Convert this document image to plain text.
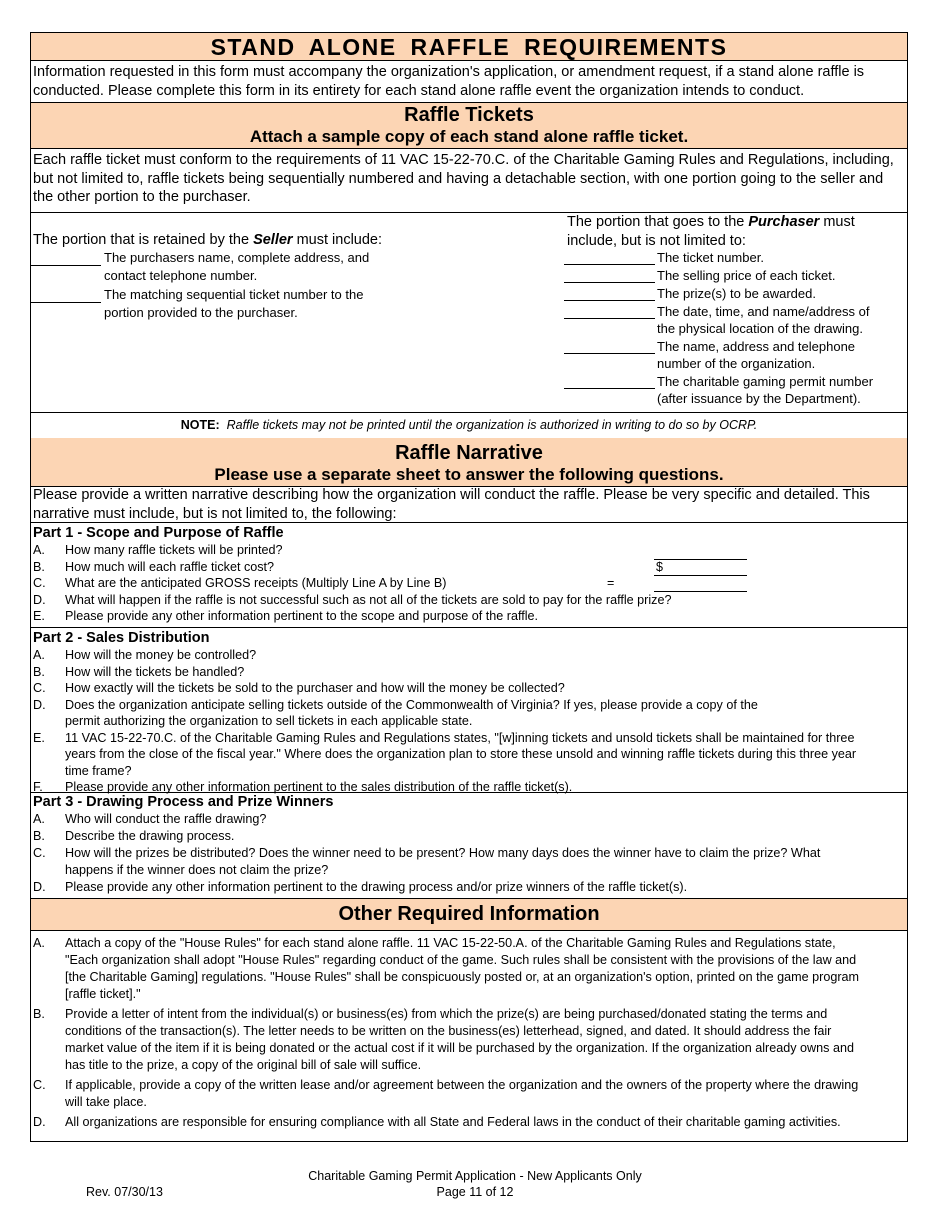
STAND ALONE RAFFLE REQUIREMENTS
Information requested in this form must accompany the organization's application, or amendment request, if a stand alone raffle is conducted. Please complete this form in its entirety for each stand alone raffle event the organization intends to conduct.
Raffle Tickets
Attach a sample copy of each stand alone raffle ticket.
Each raffle ticket must conform to the requirements of 11 VAC 15-22-70.C. of the Charitable Gaming Rules and Regulations, including, but not limited to, raffle tickets being sequentially numbered and having a detachable section, with one portion going to the seller and the other portion to the purchaser.
The portion that is retained by the Seller must include:
The purchasers name, complete address, and
contact telephone number.
The matching sequential ticket number to the
portion provided to the purchaser.
The portion that goes to the Purchaser must
include, but is not limited to:
The ticket number.
The selling price of each ticket.
The prize(s) to be awarded.
The date, time, and name/address of
the physical location of the drawing.
The name, address and telephone
number of the organization.
The charitable gaming permit number
(after issuance by the Department).
NOTE: Raffle tickets may not be printed until the organization is authorized in writing to do so by OCRP.
Raffle Narrative
Please use a separate sheet to answer the following questions.
Please provide a written narrative describing how the organization will conduct the raffle. Please be very specific and detailed. This narrative must include, but is not limited to, the following:
Part 1 - Scope and Purpose of Raffle
A. How many raffle tickets will be printed?
B. How much will each raffle ticket cost?
C. What are the anticipated GROSS receipts (Multiply Line A by Line B)
D. What will happen if the raffle is not successful such as not all of the tickets are sold to pay for the raffle prize?
E. Please provide any other information pertinent to the scope and purpose of the raffle.
$
=
Part 2 - Sales Distribution
A. How will the money be controlled?
B. How will the tickets be handled?
C. How exactly will the tickets be sold to the purchaser and how will the money be collected?
D. Does the organization anticipate selling tickets outside of the Commonwealth of Virginia? If yes, please provide a copy of the
permit authorizing the organization to sell tickets in each applicable state.
E. 11 VAC 15-22-70.C. of the Charitable Gaming Rules and Regulations states, "[w]inning tickets and unsold tickets shall be maintained for three
years from the close of the fiscal year." Where does the organization plan to store these unsold and winning raffle tickets during this three year
time frame?
F. Please provide any other information pertinent to the sales distribution of the raffle ticket(s).
Part 3 - Drawing Process and Prize Winners
A. Who will conduct the raffle drawing?
B. Describe the drawing process.
C. How will the prizes be distributed? Does the winner need to be present? How many days does the winner have to claim the prize? What
happens if the winner does not claim the prize?
D. Please provide any other information pertinent to the drawing process and/or prize winners of the raffle ticket(s).
Other Required Information
A. Attach a copy of the "House Rules" for each stand alone raffle. 11 VAC 15-22-50.A. of the Charitable Gaming Rules and Regulations state,
"Each organization shall adopt "House Rules" regarding conduct of the game. Such rules shall be consistent with the provisions of the law and
[the Charitable Gaming] regulations. "House Rules" shall be conspicuously posted or, at an organization's option, printed on the game program
[raffle ticket]."
B. Provide a letter of intent from the individual(s) or business(es) from which the prize(s) are being purchased/donated stating the terms and
conditions of the transaction(s). The letter needs to be written on the business(es) letterhead, signed, and dated. It should address the fair
market value of the item if it is being donated or the actual cost if it will be purchased by the organization. If the organization already owns and
has title to the prize, a copy of the original bill of sale will suffice.
C. If applicable, provide a copy of the written lease and/or agreement between the organization and the owners of the property where the drawing
will take place.
D. All organizations are responsible for ensuring compliance with all State and Federal laws in the conduct of their charitable gaming activities.
Charitable Gaming Permit Application - New Applicants Only
Page 11 of 12
Rev. 07/30/13
